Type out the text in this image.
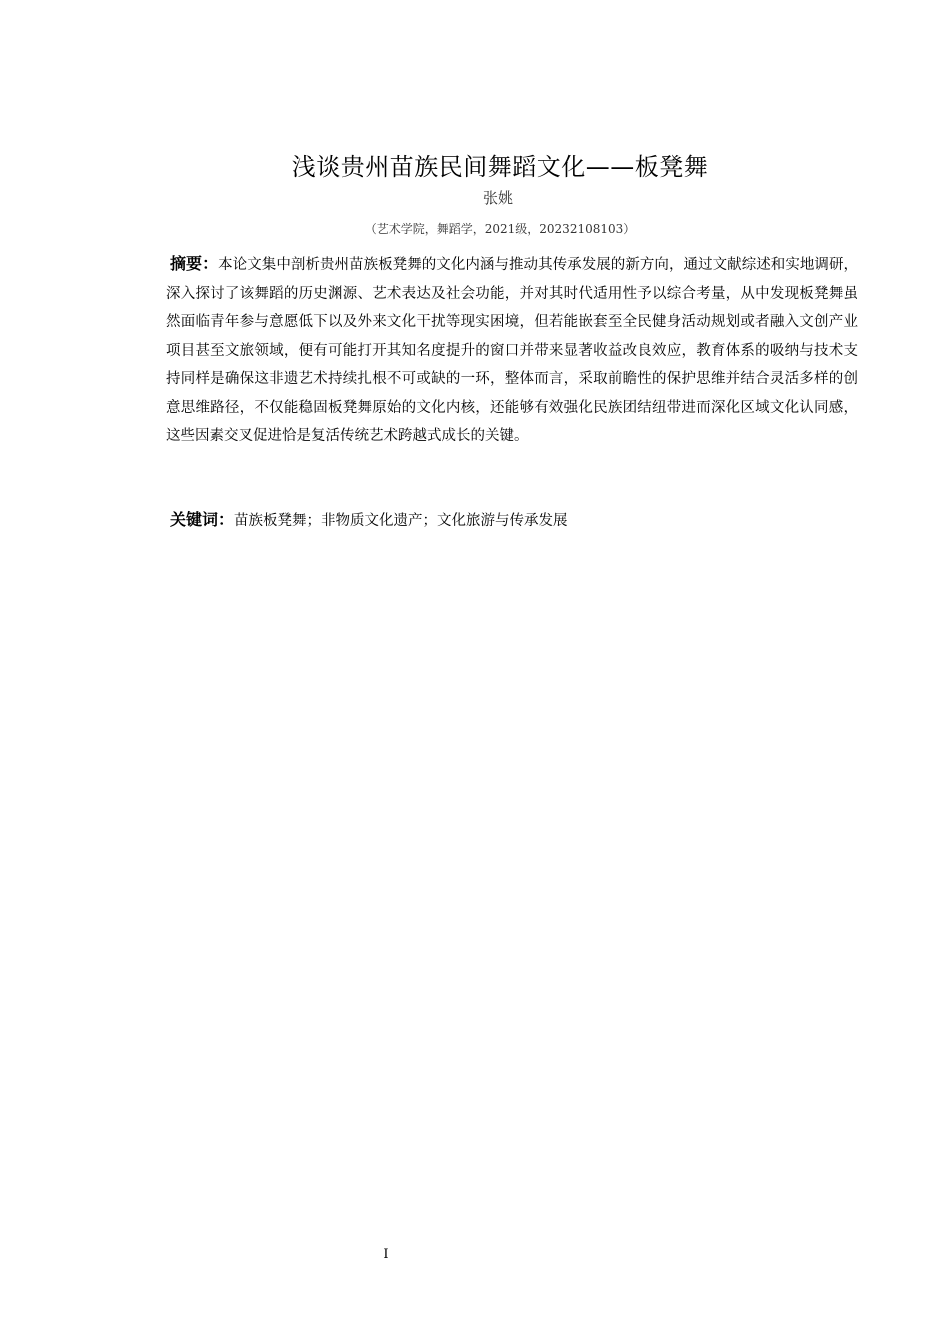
浅谈贵州苗族民间舞蹈文化——板凳舞
张姚
（艺术学院，舞蹈学，2021级，20232108103）
摘要：本论文集中剖析贵州苗族板凳舞的文化内涵与推动其传承发展的新方向，通过文献综述和实地调研，深入探讨了该舞蹈的历史渊源、艺术表达及社会功能，并对其时代适用性予以综合考量，从中发现板凳舞虽然面临青年参与意愿低下以及外来文化干扰等现实困境，但若能嵌套至全民健身活动规划或者融入文创产业项目甚至文旅领域，便有可能打开其知名度提升的窗口并带来显著收益改良效应，教育体系的吸纳与技术支持同样是确保这非遗艺术持续扎根不可或缺的一环，整体而言，采取前瞻性的保护思维并结合灵活多样的创意思维路径，不仅能稳固板凳舞原始的文化内核，还能够有效强化民族团结纽带进而深化区域文化认同感，这些因素交叉促进恰是复活传统艺术跨越式成长的关键。
关键词：苗族板凳舞；非物质文化遗产；文化旅游与传承发展
I
